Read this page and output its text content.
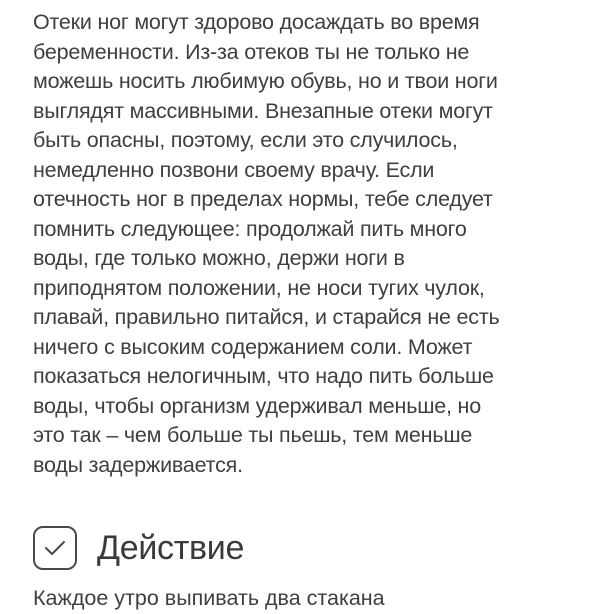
Отеки ног могут здорово досаждать во время
беременности. Из-за отеков ты не только не
можешь носить любимую обувь, но и твои ноги
выглядят массивными. Внезапные отеки могут
быть опасны, поэтому, если это случилось,
немедленно позвони своему врачу. Если
отечность ног в пределах нормы, тебе следует
помнить следующее: продолжай пить много
воды, где только можно, держи ноги в
приподнятом положении, не носи тугих чулок,
плавай, правильно питайся, и старайся не есть
ничего с высоким содержанием соли. Может
показаться нелогичным, что надо пить больше
воды, чтобы организм удерживал меньше, но
это так – чем больше ты пьешь, тем меньше
воды задерживается.

Действие

Каждое утро выпивать два стакана
